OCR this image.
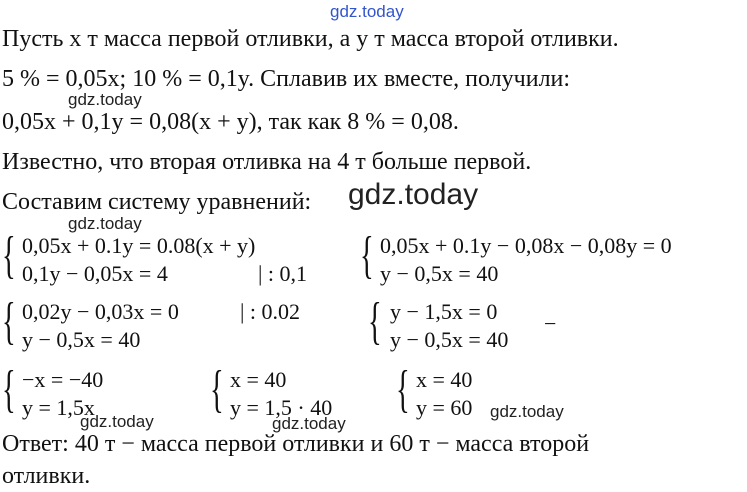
gdz.today
gdz.today
gdz.today
gdz.today
gdz.today	gdz.today
gdz.today
Пусть x т масса первой отливки, а y т масса второй отливки.
5 % = 0,05x; 10 % = 0,1y. Сплавив их вместе, получили:
0,05x + 0,1y = 0,08(x + y), так как 8 % = 0,08.
Известно, что вторая отливка на 4 т больше первой.
Составим систему уравнений:
{ 0,05x + 0.1y = 0.08(x + y)
0,1y − 0,05x = 4	| : 0,1 { 0,05x + 0.1y − 0,08x − 0,08y = 0
y − 0,5x = 40
{ 0,02y − 0,03x = 0
y − 0,5x = 40
| : 0.02 { y − 1,5x = 0
y − 0,5x = 40
−
{ −x = −40
y = 1,5x { x = 40
y = 1,5 · 40 { x = 40
y = 60
Ответ: 40 т − масса первой отливки и 60 т − масса второй
отливки.
